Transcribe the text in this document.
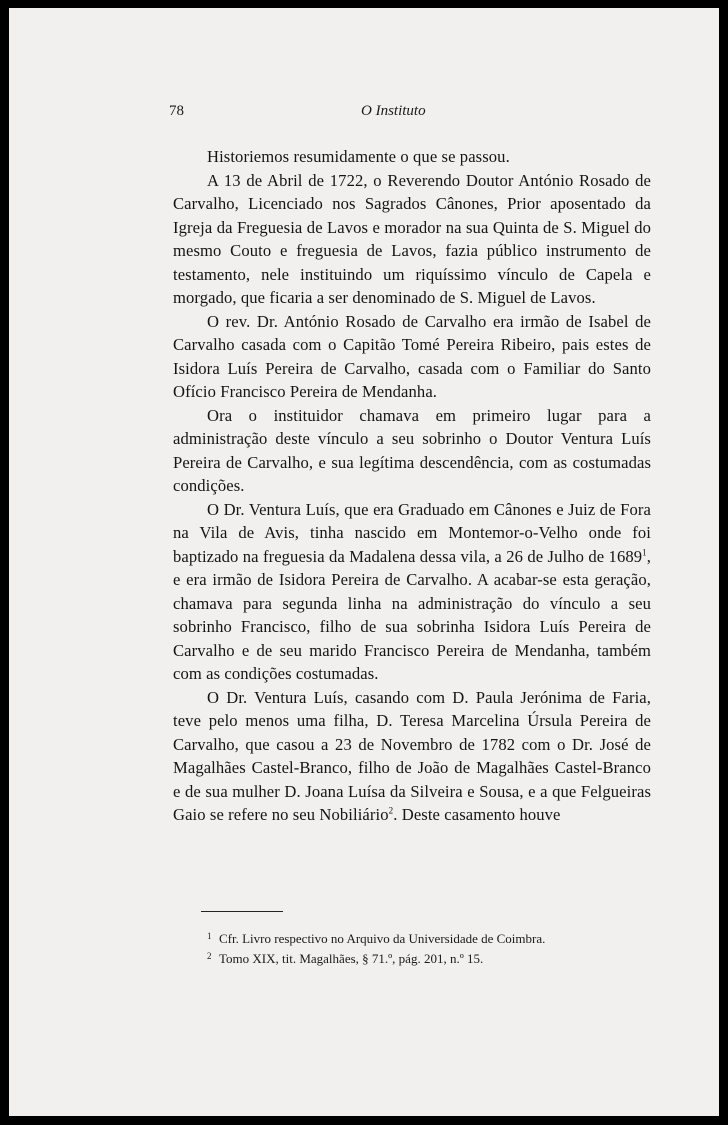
78	O Instituto

Historiemos resumidamente o que se passou.

A 13 de Abril de 1722, o Reverendo Doutor António Rosado de Carvalho, Licenciado nos Sagrados Cânones, Prior aposentado da Igreja da Freguesia de Lavos e morador na sua Quinta de S. Miguel do mesmo Couto e freguesia de Lavos, fazia público instrumento de testamento, nele instituindo um riquíssimo vínculo de Capela e morgado, que ficaria a ser denominado de S. Miguel de Lavos.

O rev. Dr. António Rosado de Carvalho era irmão de Isabel de Carvalho casada com o Capitão Tomé Pereira Ribeiro, pais estes de Isidora Luís Pereira de Carvalho, casada com o Familiar do Santo Ofício Francisco Pereira de Mendanha.

Ora o instituidor chamava em primeiro lugar para a administração deste vínculo a seu sobrinho o Doutor Ventura Luís Pereira de Carvalho, e sua legítima descendência, com as costumadas condições.

O Dr. Ventura Luís, que era Graduado em Cânones e Juiz de Fora na Vila de Avis, tinha nascido em Montemor-o-Velho onde foi baptizado na freguesia da Madalena dessa vila, a 26 de Julho de 1689$^1$, e era irmão de Isidora Pereira de Carvalho. A acabar-se esta geração, chamava para segunda linha na administração do vínculo a seu sobrinho Francisco, filho de sua sobrinha Isidora Luís Pereira de Carvalho e de seu marido Francisco Pereira de Mendanha, também com as condições costumadas.

O Dr. Ventura Luís, casando com D. Paula Jerónima de Faria, teve pelo menos uma filha, D. Teresa Marcelina Úrsula Pereira de Carvalho, que casou a 23 de Novembro de 1782 com o Dr. José de Magalhães Castel-Branco, filho de João de Magalhães Castel-Branco e de sua mulher D. Joana Luísa da Silveira e Sousa, e a que Felgueiras Gaio se refere no seu Nobiliário$^2$. Deste casamento houve

1 Cfr. Livro respectivo no Arquivo da Universidade de Coimbra.
2 Tomo XIX, tit. Magalhães, § 71.º, pág. 201, n.º 15.
